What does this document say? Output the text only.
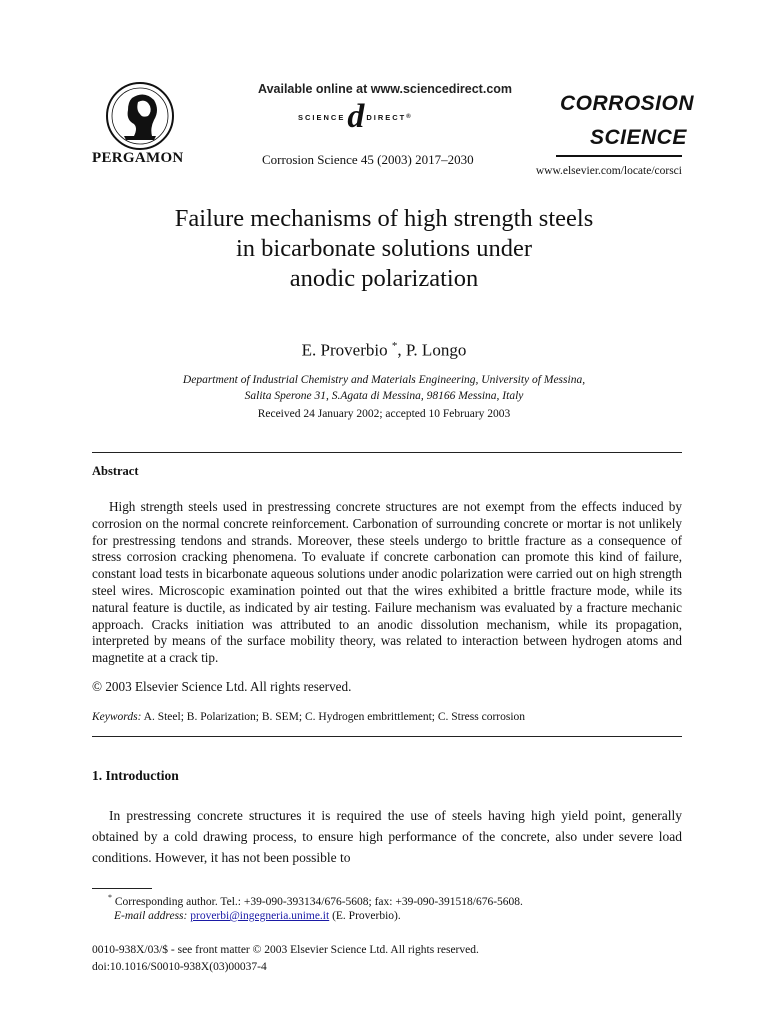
PERGAMON
Available online at www.sciencedirect.com
SCIENCE d DIRECT ®
Corrosion Science 45 (2003) 2017–2030
CORROSION
SCIENCE
www.elsevier.com/locate/corsci
Failure mechanisms of high strength steels
in bicarbonate solutions under
anodic polarization
E. Proverbio *, P. Longo
Department of Industrial Chemistry and Materials Engineering, University of Messina,
Salita Sperone 31, S.Agata di Messina, 98166 Messina, Italy
Received 24 January 2002; accepted 10 February 2003
Abstract

High strength steels used in prestressing concrete structures are not exempt from the effects induced by corrosion on the normal concrete reinforcement. Carbonation of surrounding concrete or mortar is not unlikely for prestressing tendons and strands. Moreover, these steels undergo to brittle fracture as a consequence of stress corrosion cracking phenomena. To evaluate if concrete carbonation can promote this kind of failure, constant load tests in bicarbonate aqueous solutions under anodic polarization were carried out on high strength steel wires. Microscopic examination pointed out that the wires exhibited a brittle fracture mode, while its natural feature is ductile, as indicated by air testing. Failure mechanism was evaluated by a fracture mechanic approach. Cracks initiation was attributed to an anodic dissolution mechanism, while its propagation, interpreted by means of the surface mobility theory, was related to interaction between hydrogen atoms and magnetite at a crack tip.

© 2003 Elsevier Science Ltd. All rights reserved.
Keywords: A. Steel; B. Polarization; B. SEM; C. Hydrogen embrittlement; C. Stress corrosion
1. Introduction

In prestressing concrete structures it is required the use of steels having high yield point, generally obtained by a cold drawing process, to ensure high performance of the concrete, also under severe load conditions. However, it has not been possible to

* Corresponding author. Tel.: +39-090-393134/676-5608; fax: +39-090-391518/676-5608.
E-mail address: proverbi@ingegneria.unime.it (E. Proverbio).
0010-938X/03/$ - see front matter © 2003 Elsevier Science Ltd. All rights reserved.
doi:10.1016/S0010-938X(03)00037-4
